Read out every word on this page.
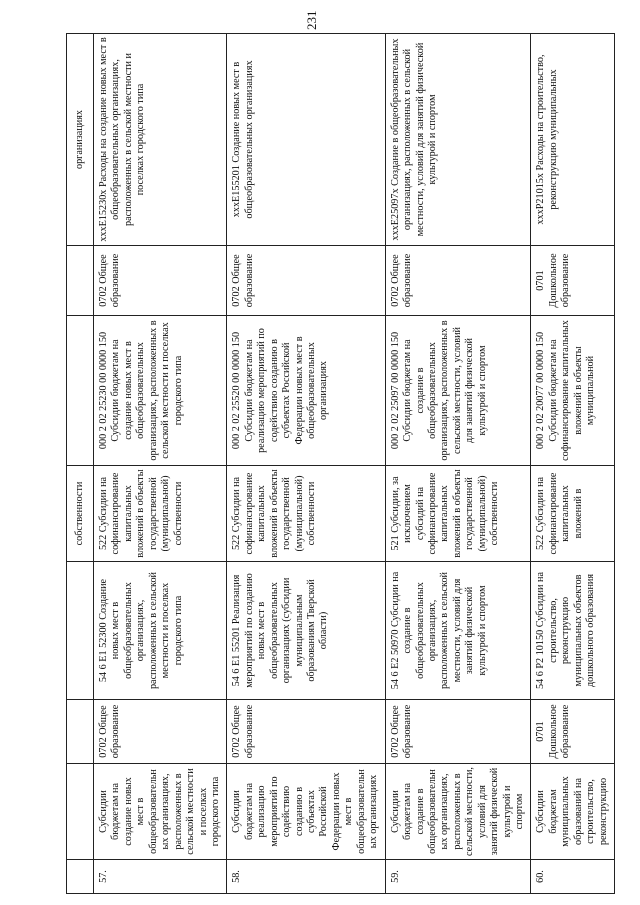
231
				собственности			организациях
57.	Субсидии бюджетам на создание новых мест в общеобразовательных организациях, расположенных в сельской местности и поселках городского типа	0702 Общее образование	54 6 Е1 52300 Создание новых мест в общеобразовательных организациях, расположенных в сельской местности и поселках городского типа	522 Субсидии на софинансирование капитальных вложений в объекты государственной (муниципальной) собственности	000 2 02 25230 00 0000 150 Субсидии бюджетам на создание новых мест в общеобразовательных организациях, расположенных в сельской местности и поселках городского типа	0702 Общее образование	xxxЕ15230х Расходы на создание новых мест в общеобразовательных организациях, расположенных в сельской местности и поселках городского типа
58.	Субсидии бюджетам на реализацию мероприятий по содействию созданию в субъектах Российской Федерации новых мест в общеобразовательных организациях	0702 Общее образование	54 6 Е1 55201 Реализация мероприятий по созданию новых мест в общеобразовательных организациях (субсидии муниципальным образованиям Тверской области)	522 Субсидии на софинансирование капитальных вложений в объекты государственной (муниципальной) собственности	000 2 02 25520 00 0000 150 Субсидии бюджетам на реализацию мероприятий по содействию созданию в субъектах Российской Федерации новых мест в общеобразовательных организациях	0702 Общее образование	xxxЕ155201 Создание новых мест в общеобразовательных организациях
59.	Субсидии бюджетам на создание в общеобразовательных организациях, расположенных в сельской местности, условий для занятий физической культурой и спортом	0702 Общее образование	54 6 Е2 50970 Субсидии на создание в общеобразовательных организациях, расположенных в сельской местности, условий для занятий физической культурой и спортом	521 Субсидии, за исключением субсидий на софинансирование капитальных вложений в объекты государственной (муниципальной) собственности	000 2 02 25097 00 0000 150 Субсидии бюджетам на создание в общеобразовательных организациях, расположенных в сельской местности, условий для занятий физической культурой и спортом	0702 Общее образование	xxxЕ25097х Создание в общеобразовательных организациях, расположенных в сельской местности, условий для занятий физической культурой и спортом
60.	Субсидии бюджетам муниципальных образований на строительство, реконструкцию	0701 Дошкольное образование	54 6 Р2 10150 Субсидии на строительство, реконструкцию муниципальных объектов дошкольного образования	522 Субсидии на софинансирование капитальных вложений в	000 2 02 20077 00 0000 150 Субсидии бюджетам на софинансирование капитальных вложений в объекты муниципальной	0701 Дошкольное образование	xxxР21015х Расходы на строительство, реконструкцию муниципальных
